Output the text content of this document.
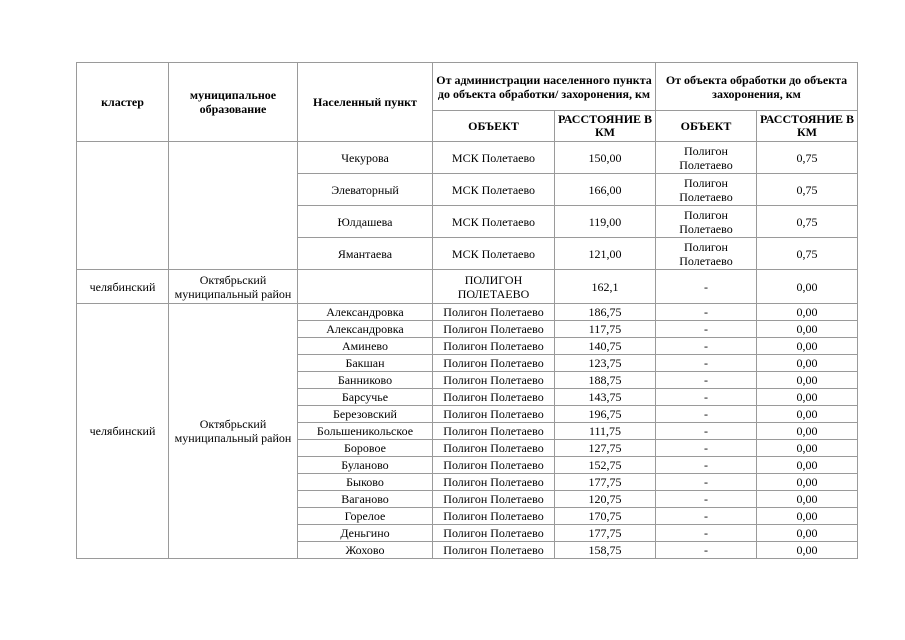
кластер	муниципальное образование	Населенный пункт	От администрации населенного пункта до объекта обработки/ захоронения, км		От объекта обработки до объекта захоронения, км	
			ОБЪЕКТ	РАССТОЯНИЕ В КМ	ОБЪЕКТ	РАССТОЯНИЕ В КМ
		Чекурова	МСК Полетаево	150,00	Полигон Полетаево	0,75
		Элеваторный	МСК Полетаево	166,00	Полигон Полетаево	0,75
		Юлдашева	МСК Полетаево	119,00	Полигон Полетаево	0,75
		Ямантаева	МСК Полетаево	121,00	Полигон Полетаево	0,75
челябинский	Октябрьский муниципальный район		ПОЛИГОН ПОЛЕТАЕВО	162,1	-	0,00
челябинский	Октябрьский муниципальный район	Александровка	Полигон Полетаево	186,75	-	0,00
		Александровка	Полигон Полетаево	117,75	-	0,00
		Аминево	Полигон Полетаево	140,75	-	0,00
		Бакшан	Полигон Полетаево	123,75	-	0,00
		Банниково	Полигон Полетаево	188,75	-	0,00
		Барсучье	Полигон Полетаево	143,75	-	0,00
		Березовский	Полигон Полетаево	196,75	-	0,00
		Большеникольское	Полигон Полетаево	111,75	-	0,00
		Боровое	Полигон Полетаево	127,75	-	0,00
		Буланово	Полигон Полетаево	152,75	-	0,00
		Быково	Полигон Полетаево	177,75	-	0,00
		Ваганово	Полигон Полетаево	120,75	-	0,00
		Горелое	Полигон Полетаево	170,75	-	0,00
		Деньгино	Полигон Полетаево	177,75	-	0,00
		Жохово	Полигон Полетаево	158,75	-	0,00
